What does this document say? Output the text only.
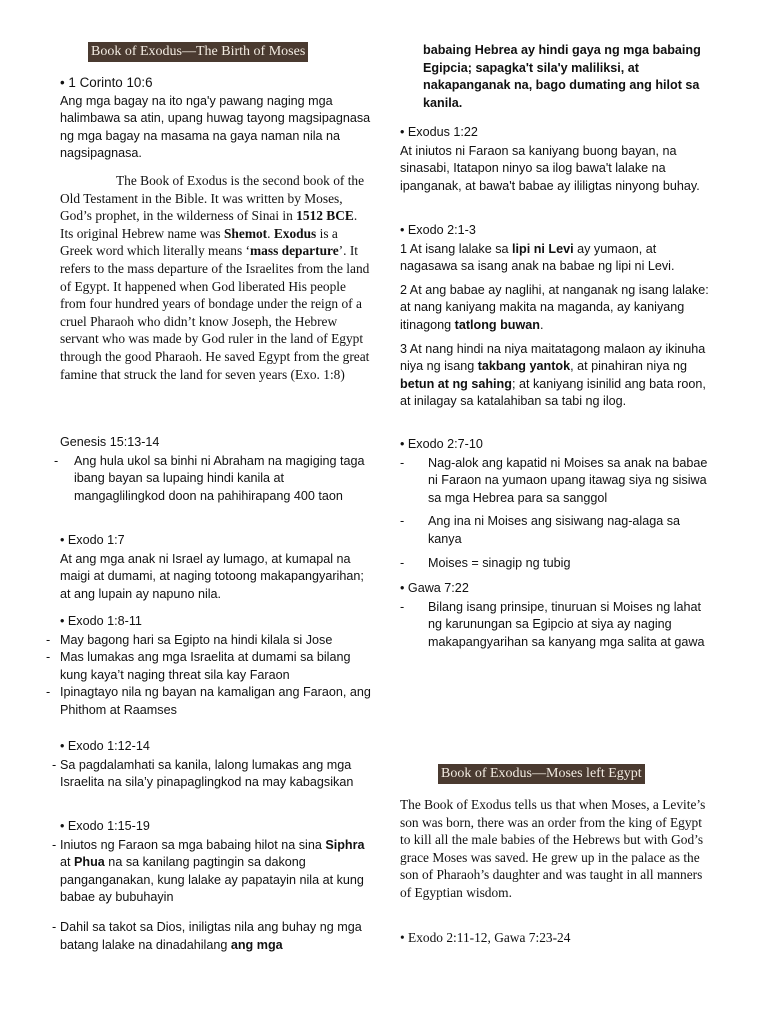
Book of Exodus—The Birth of Moses

• 1 Corinto 10:6

Ang mga bagay na ito nga'y pawang naging mga halimbawa sa atin, upang huwag tayong magsipagnasa ng mga bagay na masama na gaya naman nila na nagsipagnasa.

The Book of Exodus is the second book of the Old Testament in the Bible. It was written by Moses, God’s prophet, in the wilderness of Sinai in 1512 BCE. Its original Hebrew name was Shemot. Exodus is a Greek word which literally means ‘mass departure’. It refers to the mass departure of the Israelites from the land of Egypt. It happened when God liberated His people from four hundred years of bondage under the reign of a cruel Pharaoh who didn’t know Joseph, the Hebrew servant who was made by God ruler in the land of Egypt through the good Pharaoh. He saved Egypt from the great famine that struck the land for seven years (Exo. 1:8)

Genesis 15:13-14

- Ang hula ukol sa binhi ni Abraham na magiging taga ibang bayan sa lupaing hindi kanila at mangaglilingkod doon na pahihirapang 400 taon

• Exodo 1:7

At ang mga anak ni Israel ay lumago, at kumapal na maigi at dumami, at naging totoong makapangyarihan; at ang lupain ay napuno nila.

• Exodo 1:8-11

- May bagong hari sa Egipto na hindi kilala si Jose
- Mas lumakas ang mga Israelita at dumami sa bilang kung kaya’t naging threat sila kay Faraon
- Ipinagtayo nila ng bayan na kamaligan ang Faraon, ang Phithom at Raamses

• Exodo 1:12-14

- Sa pagdalamhati sa kanila, lalong lumakas ang mga Israelita na sila’y pinapaglingkod na may kabagsikan

• Exodo 1:15-19

- Iniutos ng Faraon sa mga babaing hilot na sina Siphra at Phua na sa kanilang pagtingin sa dakong panganganakan, kung lalake ay papatayin nila at kung babae ay bubuhayin
- Dahil sa takot sa Dios, iniligtas nila ang buhay ng mga batang lalake na dinadahilang ang mga

babaing Hebrea ay hindi gaya ng mga babaing Egipcia; sapagka't sila'y maliliksi, at nakapanganak na, bago dumating ang hilot sa kanila.

• Exodus 1:22

At iniutos ni Faraon sa kaniyang buong bayan, na sinasabi, Itatapon ninyo sa ilog bawa't lalake na ipanganak, at bawa't babae ay ililigtas ninyong buhay.

• Exodo 2:1-3

1 At isang lalake sa lipi ni Levi ay yumaon, at nagasawa sa isang anak na babae ng lipi ni Levi.

2 At ang babae ay naglihi, at nanganak ng isang lalake: at nang kaniyang makita na maganda, ay kaniyang itinagong tatlong buwan.

3 At nang hindi na niya maitatagong malaon ay ikinuha niya ng isang takbang yantok, at pinahiran niya ng betun at ng sahing; at kaniyang isinilid ang bata roon, at inilagay sa katalahiban sa tabi ng ilog.

• Exodo 2:7-10

- Nag-alok ang kapatid ni Moises sa anak na babae ni Faraon na yumaon upang itawag siya ng sisiwa sa mga Hebrea para sa sanggol
- Ang ina ni Moises ang sisiwang nag-alaga sa kanya
- Moises = sinagip ng tubig

• Gawa 7:22

- Bilang isang prinsipe, tinuruan si Moises ng lahat ng karunungan sa Egipcio at siya ay naging makapangyarihan sa kanyang mga salita at gawa
Book of Exodus—Moses left Egypt

The Book of Exodus tells us that when Moses, a Levite’s son was born, there was an order from the king of Egypt to kill all the male babies of the Hebrews but with God’s grace Moses was saved. He grew up in the palace as the son of Pharaoh’s daughter and was taught in all manners of Egyptian wisdom.

• Exodo 2:11-12, Gawa 7:23-24
